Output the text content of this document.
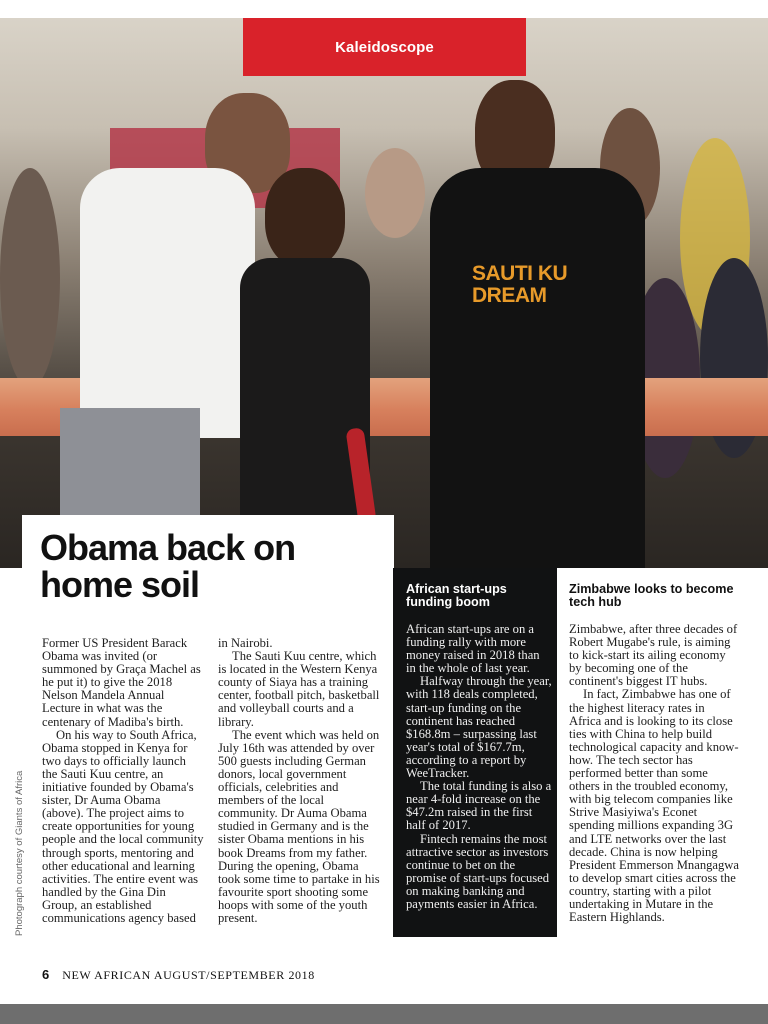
SAUTI KU DREAM
Kaleidoscope
Obama back on home soil

Former US President Barack Obama was invited (or summoned by Graça Machel as he put it) to give the 2018 Nelson Mandela Annual Lecture in what was the centenary of Madiba's birth.

On his way to South Africa, Obama stopped in Kenya for two days to officially launch the Sauti Kuu centre, an initiative founded by Obama's sister, Dr Auma Obama (above). The project aims to create opportunities for young people and the local community through sports, mentoring and other educational and learning activities. The entire event was handled by the Gina Din Group, an established communications agency based

in Nairobi.

The Sauti Kuu centre, which is located in the Western Kenya county of Siaya has a training center, football pitch, basketball and volleyball courts and a library.

The event which was held on July 16th was attended by over 500 guests including German donors, local government officials, celebrities and members of the local community. Dr Auma Obama studied in Germany and is the sister Obama mentions in his book Dreams from my father. During the opening, Obama took some time to partake in his favourite sport shooting some hoops with some of the youth present.

African start-ups funding boom

African start-ups are on a funding rally with more money raised in 2018 than in the whole of last year.

Halfway through the year, with 118 deals completed, start-up funding on the continent has reached $168.8m – surpassing last year's total of $167.7m, according to a report by WeeTracker.

The total funding is also a near 4-fold increase on the $47.2m raised in the first half of 2017.

Fintech remains the most attractive sector as investors continue to bet on the promise of start-ups focused on making banking and payments easier in Africa.

Zimbabwe looks to become tech hub

Zimbabwe, after three decades of Robert Mugabe's rule, is aiming to kick-start its ailing economy by becoming one of the continent's biggest IT hubs.

In fact, Zimbabwe has one of the highest literacy rates in Africa and is looking to its close ties with China to help build technological capacity and know-how. The tech sector has performed better than some others in the troubled economy, with big telecom companies like Strive Masiyiwa's Econet spending millions expanding 3G and LTE networks over the last decade. China is now helping President Emmerson Mnangagwa to develop smart cities across the country, starting with a pilot undertaking in Mutare in the Eastern Highlands.

Photograph courtesy of Giants of Africa
6 NEW AFRICAN AUGUST/SEPTEMBER 2018
